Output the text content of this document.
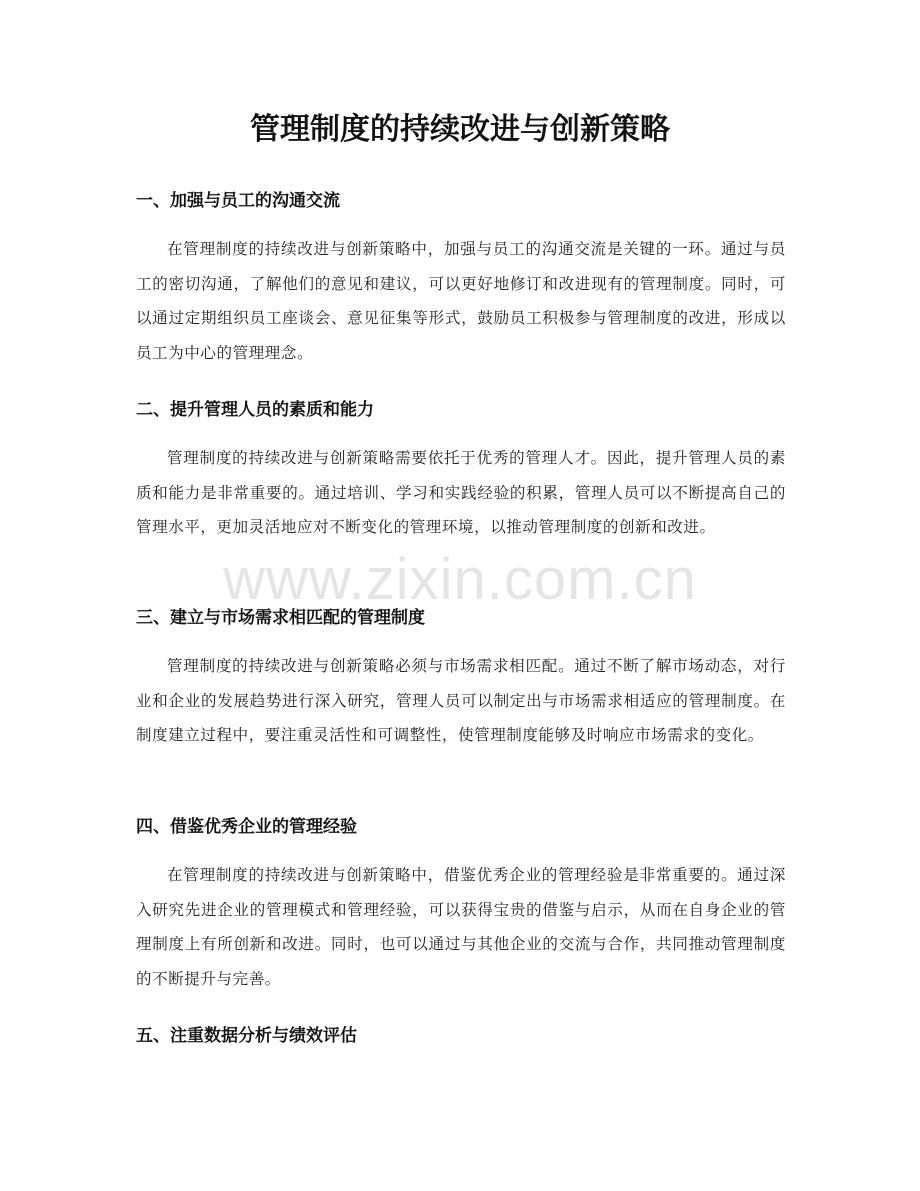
管理制度的持续改进与创新策略
一、加强与员工的沟通交流

在管理制度的持续改进与创新策略中，加强与员工的沟通交流是关键的一环。通过与员工的密切沟通，了解他们的意见和建议，可以更好地修订和改进现有的管理制度。同时，可以通过定期组织员工座谈会、意见征集等形式，鼓励员工积极参与管理制度的改进，形成以员工为中心的管理理念。

二、提升管理人员的素质和能力

管理制度的持续改进与创新策略需要依托于优秀的管理人才。因此，提升管理人员的素质和能力是非常重要的。通过培训、学习和实践经验的积累，管理人员可以不断提高自己的管理水平，更加灵活地应对不断变化的管理环境，以推动管理制度的创新和改进。

三、建立与市场需求相匹配的管理制度

管理制度的持续改进与创新策略必须与市场需求相匹配。通过不断了解市场动态，对行业和企业的发展趋势进行深入研究，管理人员可以制定出与市场需求相适应的管理制度。在制度建立过程中，要注重灵活性和可调整性，使管理制度能够及时响应市场需求的变化。

四、借鉴优秀企业的管理经验

在管理制度的持续改进与创新策略中，借鉴优秀企业的管理经验是非常重要的。通过深入研究先进企业的管理模式和管理经验，可以获得宝贵的借鉴与启示，从而在自身企业的管理制度上有所创新和改进。同时，也可以通过与其他企业的交流与合作，共同推动管理制度的不断提升与完善。

五、注重数据分析与绩效评估
www.zixin.com.cn
